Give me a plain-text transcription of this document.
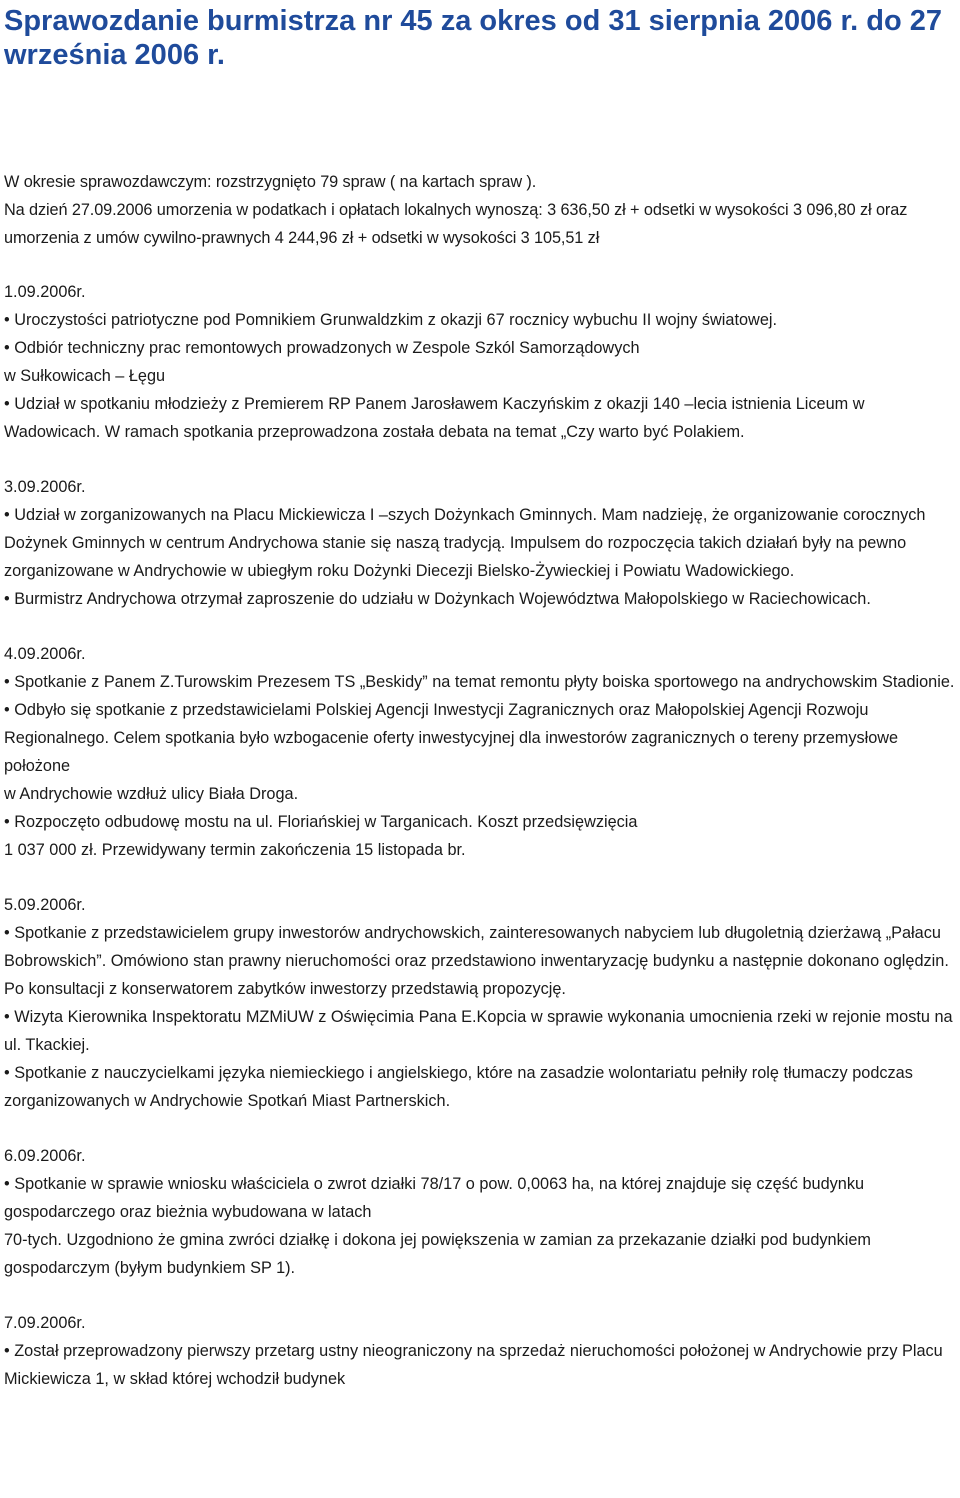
Sprawozdanie burmistrza nr 45 za okres od 31 sierpnia 2006 r. do 27 września 2006 r.

W okresie sprawozdawczym: rozstrzygnięto 79 spraw ( na kartach spraw ).

Na dzień 27.09.2006 umorzenia w podatkach i opłatach lokalnych wynoszą: 3 636,50 zł + odsetki w wysokości 3 096,80 zł oraz umorzenia z umów cywilno-prawnych 4 244,96 zł + odsetki w wysokości 3 105,51 zł

1.09.2006r.

• Uroczystości patriotyczne pod Pomnikiem Grunwaldzkim z okazji 67 rocznicy wybuchu II wojny światowej.

• Odbiór techniczny prac remontowych prowadzonych w Zespole Szkól Samorządowych

w Sułkowicach – Łęgu

• Udział w spotkaniu młodzieży z Premierem RP Panem Jarosławem Kaczyńskim z okazji 140 –lecia istnienia Liceum w Wadowicach. W ramach spotkania przeprowadzona została debata na temat „Czy warto być Polakiem.

3.09.2006r.

• Udział w zorganizowanych na Placu Mickiewicza I –szych Dożynkach Gminnych. Mam nadzieję, że organizowanie corocznych Dożynek Gminnych w centrum Andrychowa stanie się naszą tradycją. Impulsem do rozpoczęcia takich działań były na pewno zorganizowane w Andrychowie w ubiegłym roku Dożynki Diecezji Bielsko-Żywieckiej i Powiatu Wadowickiego.

• Burmistrz Andrychowa otrzymał zaproszenie do udziału w Dożynkach Województwa Małopolskiego w Raciechowicach.

4.09.2006r.

• Spotkanie z Panem Z.Turowskim Prezesem TS „Beskidy” na temat remontu płyty boiska sportowego na andrychowskim Stadionie.

• Odbyło się spotkanie z przedstawicielami Polskiej Agencji Inwestycji Zagranicznych oraz Małopolskiej Agencji Rozwoju Regionalnego. Celem spotkania było wzbogacenie oferty inwestycyjnej dla inwestorów zagranicznych o tereny przemysłowe położone

w Andrychowie wzdłuż ulicy Biała Droga.

• Rozpoczęto odbudowę mostu na ul. Floriańskiej w Targanicach. Koszt przedsięwzięcia

1 037 000 zł. Przewidywany termin zakończenia 15 listopada br.

5.09.2006r.

• Spotkanie z przedstawicielem grupy inwestorów andrychowskich, zainteresowanych nabyciem lub długoletnią dzierżawą „Pałacu Bobrowskich”. Omówiono stan prawny nieruchomości oraz przedstawiono inwentaryzację budynku a następnie dokonano oględzin. Po konsultacji z konserwatorem zabytków inwestorzy przedstawią propozycję.

• Wizyta Kierownika Inspektoratu MZMiUW z Oświęcimia Pana E.Kopcia w sprawie wykonania umocnienia rzeki w rejonie mostu na ul. Tkackiej.

• Spotkanie z nauczycielkami języka niemieckiego i angielskiego, które na zasadzie wolontariatu pełniły rolę tłumaczy podczas zorganizowanych w Andrychowie Spotkań Miast Partnerskich.

6.09.2006r.

• Spotkanie w sprawie wniosku właściciela o zwrot działki 78/17 o pow. 0,0063 ha, na której znajduje się część budynku gospodarczego oraz bieżnia wybudowana w latach

70-tych. Uzgodniono że gmina zwróci działkę i dokona jej powiększenia w zamian za przekazanie działki pod budynkiem gospodarczym (byłym budynkiem SP 1).

7.09.2006r.

• Został przeprowadzony pierwszy przetarg ustny nieograniczony na sprzedaż nieruchomości położonej w Andrychowie przy Placu Mickiewicza 1, w skład której wchodził budynek
